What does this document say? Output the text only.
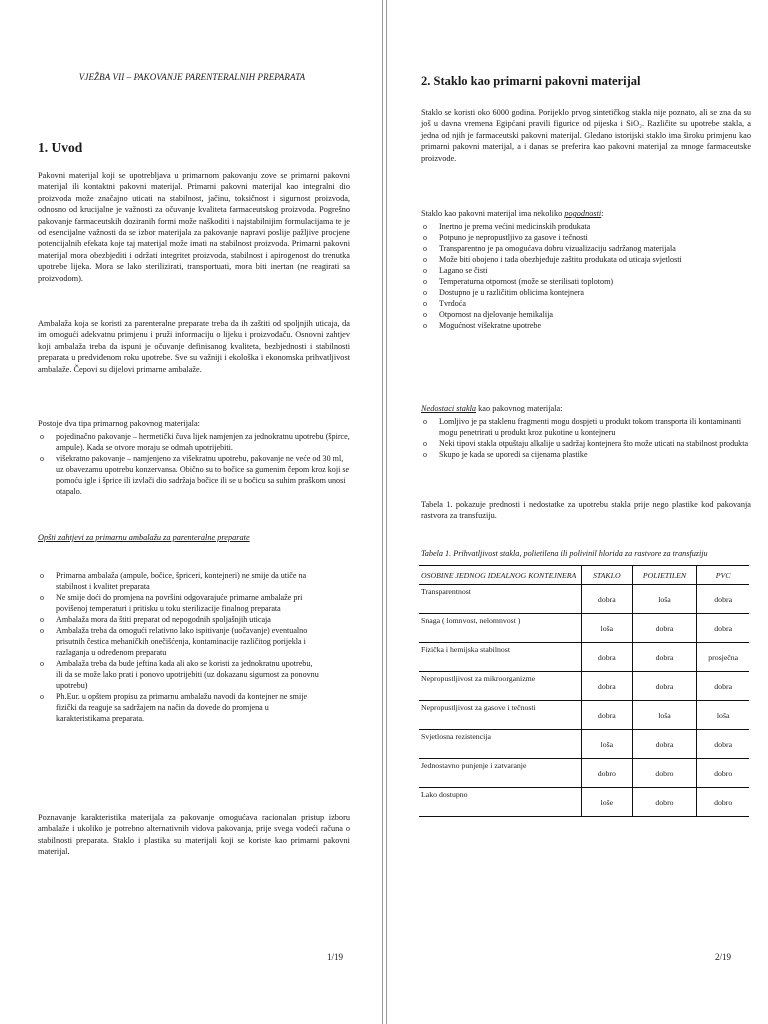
VJEŽBA VII – PAKOVANJE PARENTERALNIH PREPARATA
1. Uvod

Pakovni materijal koji se upotrebljava u primarnom pakovanju zove se primarni pakovni materijal ili kontaktni pakovni materijal. Primarni pakovni materijal kao integralni dio proizvoda može značajno uticati na stabilnost, jačinu, toksičnost i sigurnost proizvoda, odnosno od krucijalne je važnosti za očuvanje kvaliteta farmaceutskog proizvoda. Pogrešno pakovanje farmaceutskih doziranih formi može naškoditi i najstabilnijim formulacijama te je od esencijalne važnosti da se izbor materijala za pakovanje napravi poslije pažljive procjene potencijalnih efekata koje taj materijal može imati na stabilnost proizvoda. Primarni pakovni materijal mora obezbjediti i održati integritet proizvoda, stabilnost i apirogenost do trenutka upotrebe lijeka. Mora se lako sterilizirati, transportuati, mora biti inertan (ne reagirati sa proizvodom).

Ambalaža koja se koristi za parenteralne preparate treba da ih zaštiti od spoljnjih uticaja, da im omogući adekvatnu primjenu i pruži informaciju o lijeku i proizvođaču. Osnovni zahtjev koji ambalaža treba da ispuni je očuvanje definisanog kvaliteta, bezbjednosti i stabilnosti preparata u predviđenom roku upotrebe. Sve su važniji i ekološka i ekonomska prihvatljivost ambalaže. Čepovi su dijelovi primarne ambalaže.

Postoje dva tipa primarnog pakovnog materijala:

o pojedinačno pakovanje – hermetički čuva lijek namjenjen za jednokratnu upotrebu (špirce, ampule). Kada se otvore moraju se odmah upotrijebiti.
o višekratno pakovanje – namjenjeno za višekratnu upotrebu, pakovanje ne veće od 30 ml, uz obavezamu upotrebu konzervansa. Obično su to bočice sa gumenim čepom kroz koji se pomoću igle i šprice ili izvlači dio sadržaja bočice ili se u bočicu sa suhim praškom unosi otapalo.
Opšti zahtjevi za primarnu ambalažu za parenteralne preparate
o Primarna ambalaža (ampule, bočice, špriceri, kontejneri) ne smije da utiče na stabilnost i kvalitet preparata
o Ne smije doći do promjena na površini odgovarajuće primarne ambalaže pri povišenoj temperaturi i pritisku u toku sterilizacije finalnog preparata
o Ambalaža mora da štiti preparat od nepogodnih spoljašnjih uticaja
o Ambalaža treba da omogući relativno lako ispitivanje (uočavanje) eventualno prisutnih čestica mehaničkih onečišćenja, kontaminacije različitog porijekla i razlaganja u određenom preparatu
o Ambalaža treba da bude jeftina kada ali ako se koristi za jednokratnu upotrebu, ili da se može lako prati i ponovo upotrijebiti (uz dokazanu sigurnost za ponovnu upotrebu)
o Ph.Eur. u opštem propisu za primarnu ambalažu navodi da kontejner ne smije fizički da reaguje sa sadržajem na način da dovede do promjena u karakteristikama preparata.

Poznavanje karakteristika materijala za pakovanje omogućava racionalan pristup izboru ambalaže i ukoliko je potrebno alternativnih vidova pakovanja, prije svega vodeći računa o stabilnosti preparata. Staklo i plastika su materijali koji se koriste kao primarni pakovni materijal.

1/19
2. Staklo kao primarni pakovni materijal

Staklo se koristi oko 6000 godina. Porijeklo prvog sintetičkog stakla nije poznato, ali se zna da su još u davna vremena Egipćani pravili figurice od pijeska i SiO₂. Različite su upotrebe stakla, a jedna od njih je farmaceutski pakovni materijal. Gledano istorijski staklo ima široku primjenu kao primarni pakovni materijal, a i danas se preferira kao pakovni materijal za mnoge farmaceutske proizvode.

Staklo kao pakovni materijal ima nekoliko pogodnosti:

o Inertno je prema većini medicinskih produkata
o Potpuno je nepropustljivo za gasove i tečnosti
o Transparentno je pa omogućava dobru vizualizaciju sadržanog materijala
o Može biti obojeno i tada obezbjeđuje zaštitu produkata od uticaja svjetlosti
o Lagano se čisti
o Temperaturna otpornost (može se sterilisati toplotom)
o Dostupno je u različitim oblicima kontejnera
o Tvrdoća
o Otpornost na djelovanje hemikalija
o Mogućnost višekratne upotrebe

Nedostaci stakla kao pakovnog materijala:

o Lomljivo je pa staklenu fragmenti mogu dospjeti u produkt tokom transporta ili kontaminanti mogu penetrirati u produkt kroz pukotine u kontejneru
o Neki tipovi stakla otpuštaju alkalije u sadržaj kontejnera što može uticati na stabilnost produkta
o Skupo je kada se uporedi sa cijenama plastike

Tabela 1. pokazuje prednosti i nedostatke za upotrebu stakla prije nego plastike kod pakovanja rastvora za transfuziju.

Tabela 1. Prihvatljivost stakla, polietilena ili polivinil hlorida za rastvore za transfuziju
OSOBINE JEDNOG IDEALNOG KONTEJNERA	STAKLO	POLIETILEN	PVC
Transparentnost	dobra	loša	dobra
Snaga ( lomnvost, nelomnvost )	loša	dobra	dobra
Fizička i hemijska stabilnost	dobra	dobra	prosječna
Nepropustljivost za mikroorganizme	dobra	dobra	dobra
Nepropustljivost za gasove i tečnosti	dobra	loša	loša
Svjetlosna rezistencija	loša	dobra	dobra
Jednostavno punjenje i zatvaranje	dobro	dobro	dobro
Lako dostupno	loše	dobro	dobro
2/19
